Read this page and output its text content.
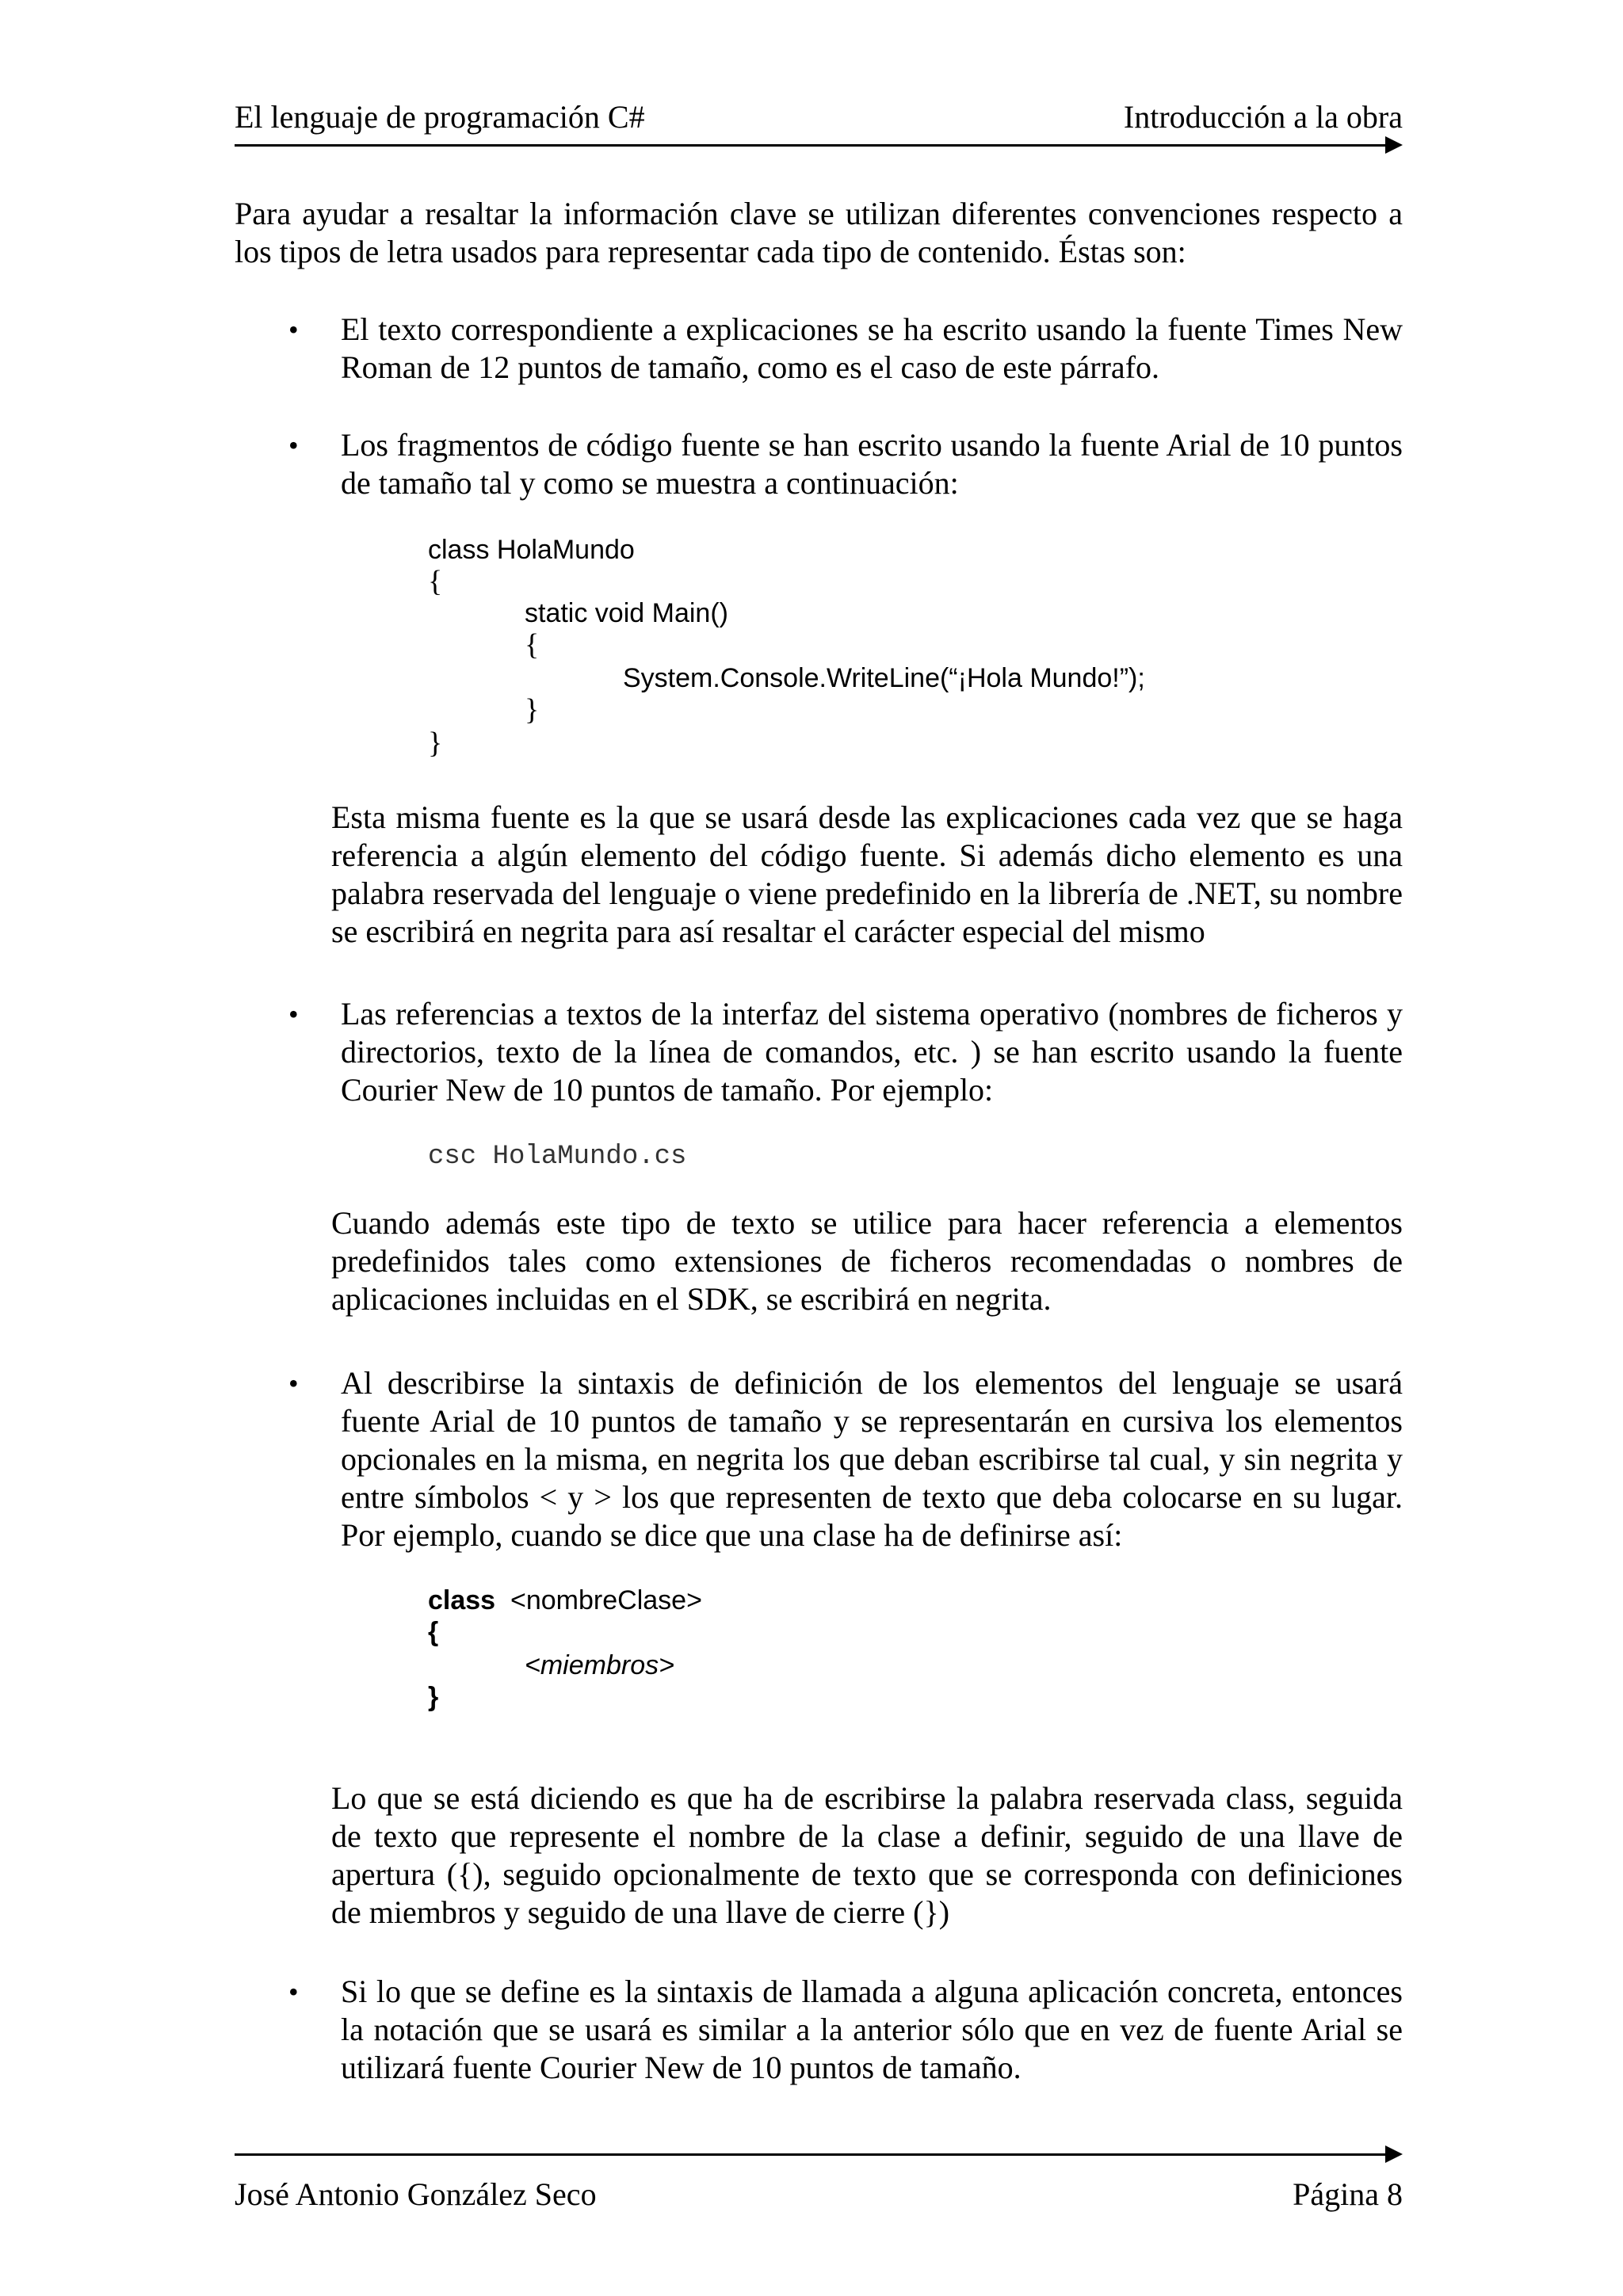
El lenguaje de programación C#	Introducción a la obra

Para ayudar a resaltar la información clave se utilizan diferentes convenciones respecto a los tipos de letra usados para representar cada tipo de contenido. Éstas son:

• El texto correspondiente a explicaciones se ha escrito usando la fuente Times New Roman de 12 puntos de tamaño, como es el caso de este párrafo.

• Los fragmentos de código fuente se han escrito usando la fuente Arial de 10 puntos de tamaño tal y como se muestra a continuación:

class HolaMundo
{
static void Main()
{
System.Console.WriteLine(“¡Hola Mundo!”);
}
}

Esta misma fuente es la que se usará desde las explicaciones cada vez que se haga referencia a algún elemento del código fuente. Si además dicho elemento es una palabra reservada del lenguaje o viene predefinido en la librería de .NET, su nombre se escribirá en negrita para así resaltar el carácter especial del mismo

• Las referencias a textos de la interfaz del sistema operativo (nombres de ficheros y directorios, texto de la línea de comandos, etc. ) se han escrito usando la fuente Courier New de 10 puntos de tamaño. Por ejemplo:

csc HolaMundo.cs

Cuando además este tipo de texto se utilice para hacer referencia a elementos predefinidos tales como extensiones de ficheros recomendadas o nombres de aplicaciones incluidas en el SDK, se escribirá en negrita.

• Al describirse la sintaxis de definición de los elementos del lenguaje se usará fuente Arial de 10 puntos de tamaño y se representarán en cursiva los elementos opcionales en la misma, en negrita los que deban escribirse tal cual, y sin negrita y entre símbolos < y > los que representen de texto que deba colocarse en su lugar. Por ejemplo, cuando se dice que una clase ha de definirse así:

class <nombreClase>
{
<miembros>
}

Lo que se está diciendo es que ha de escribirse la palabra reservada class, seguida de texto que represente el nombre de la clase a definir, seguido de una llave de apertura ({), seguido opcionalmente de texto que se corresponda con definiciones de miembros y seguido de una llave de cierre (})

• Si lo que se define es la sintaxis de llamada a alguna aplicación concreta, entonces la notación que se usará es similar a la anterior sólo que en vez de fuente Arial se utilizará fuente Courier New de 10 puntos de tamaño.

José Antonio González Seco	Página 8
